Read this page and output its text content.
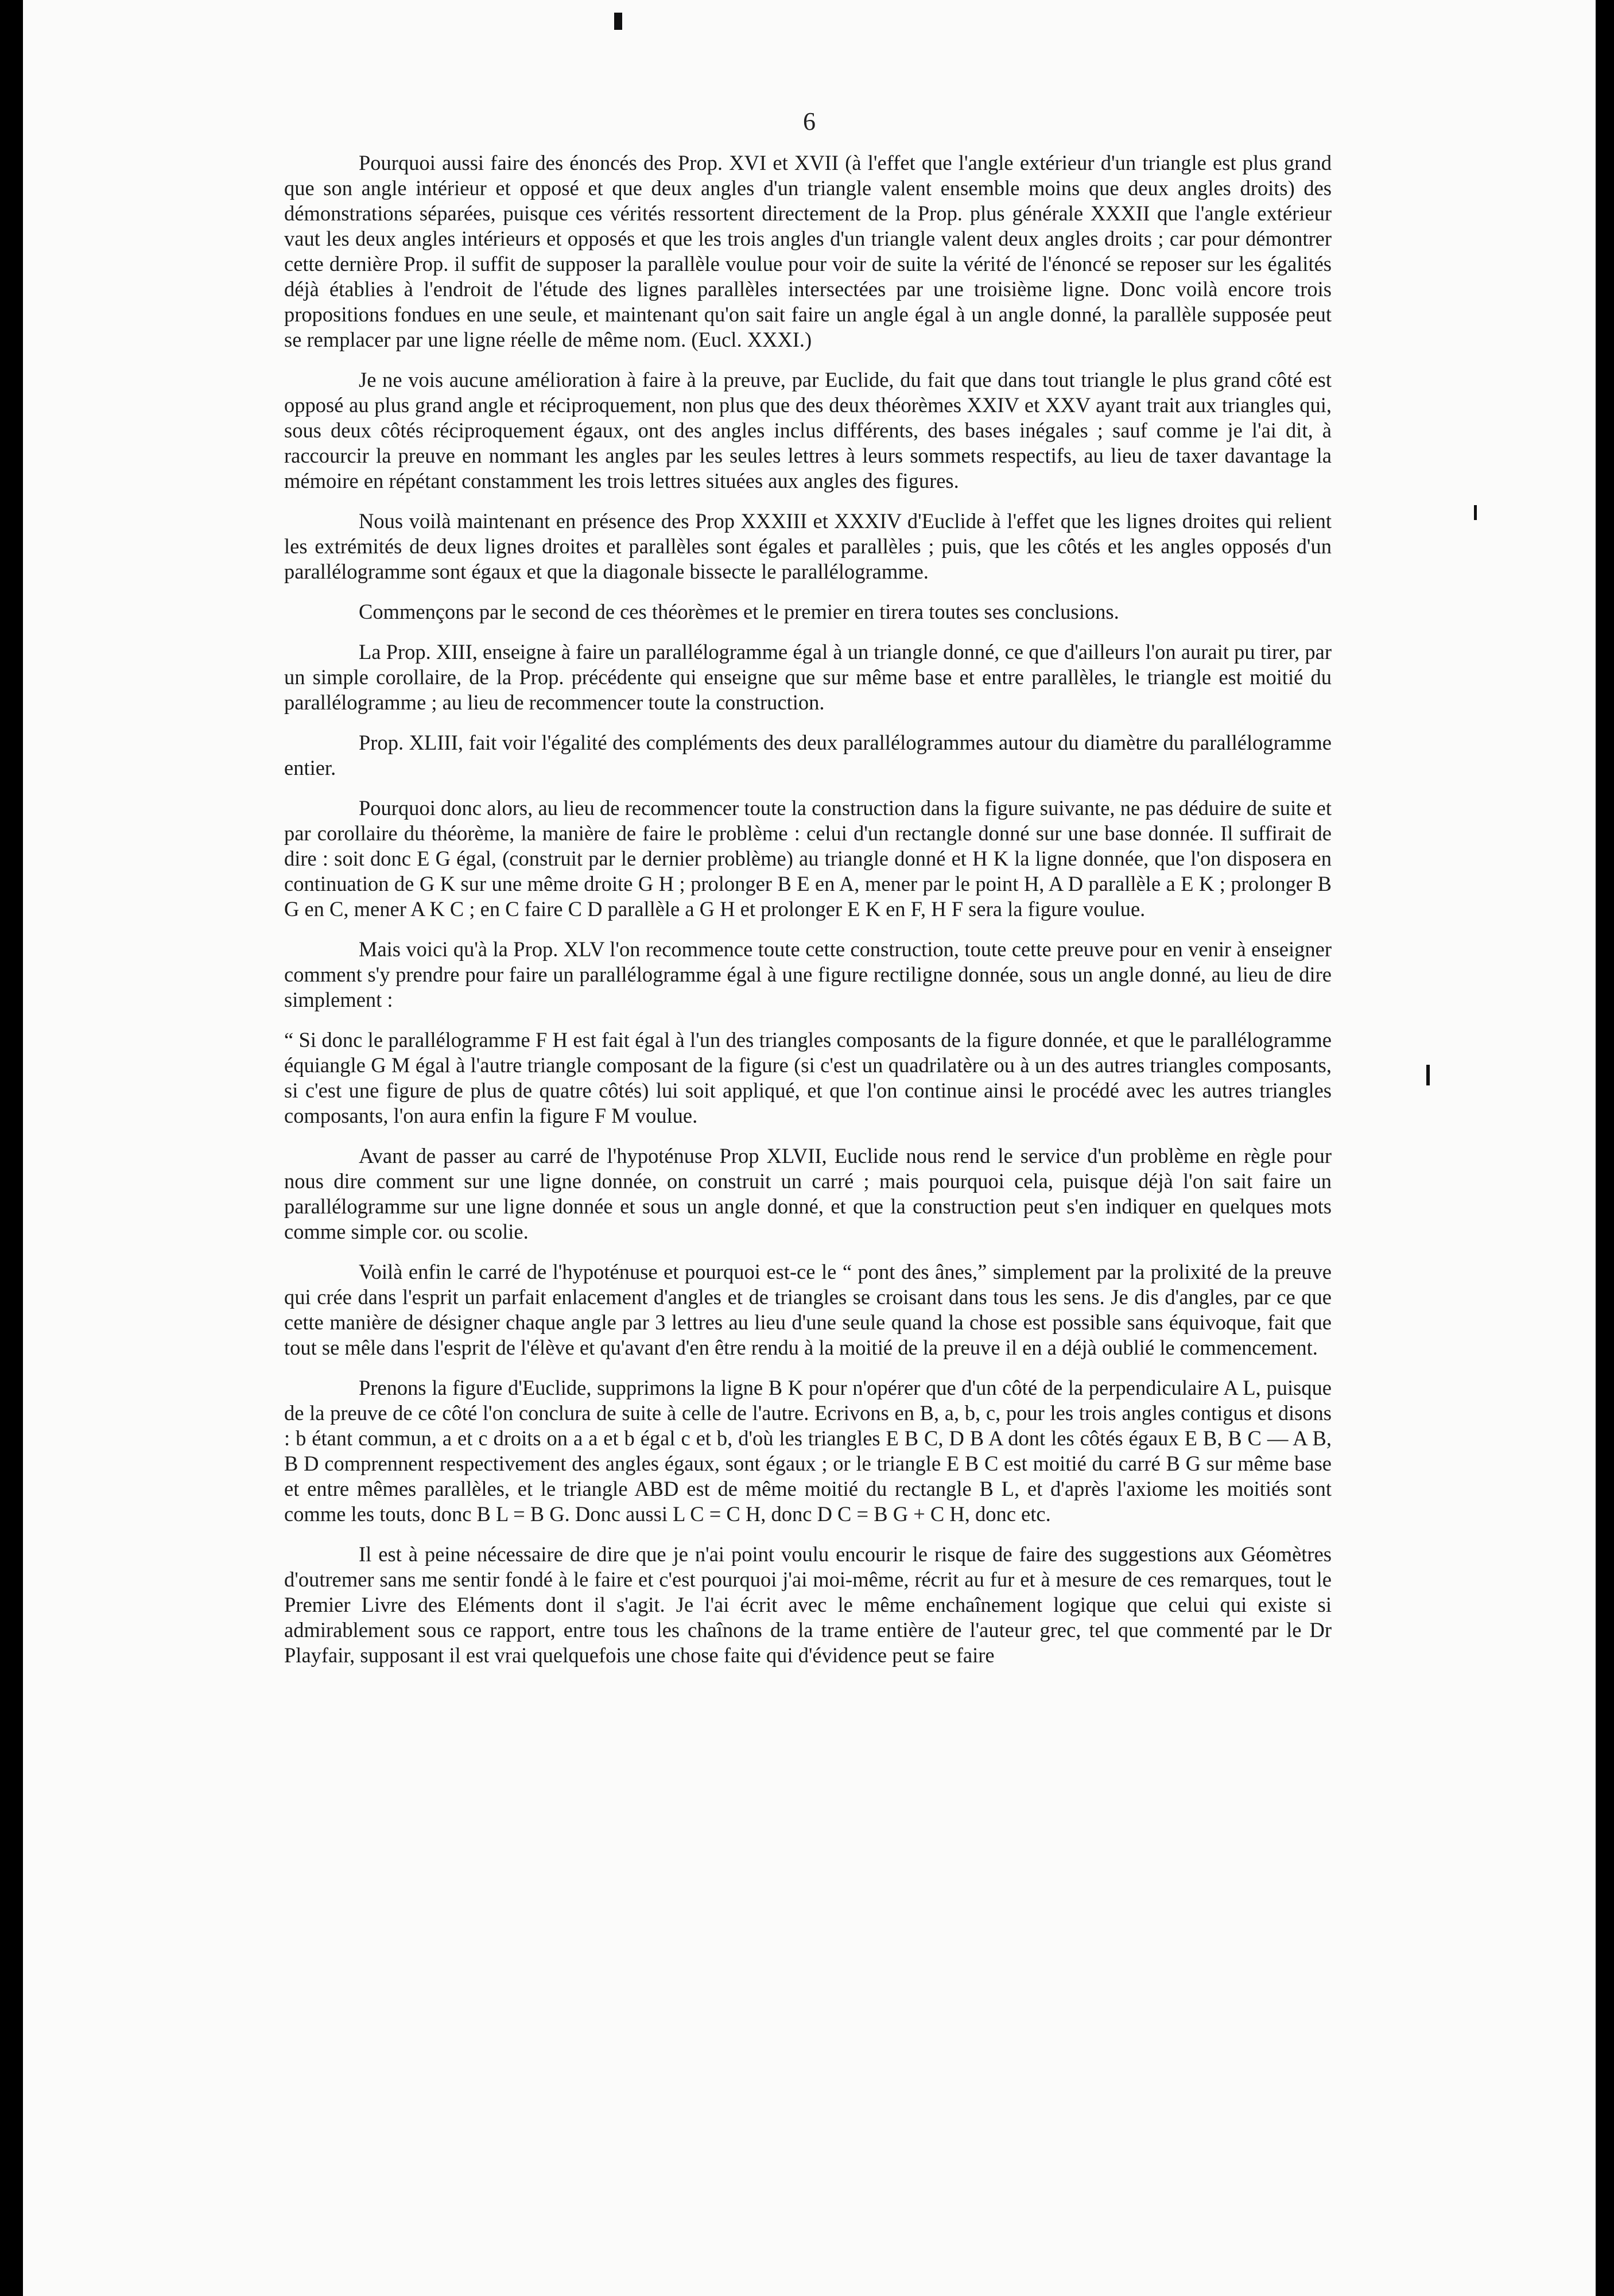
6

Pourquoi aussi faire des énoncés des Prop. XVI et XVII (à l'effet que l'angle extérieur d'un triangle est plus grand que son angle intérieur et opposé et que deux angles d'un triangle valent ensemble moins que deux angles droits) des démonstrations séparées, puisque ces vérités ressortent directement de la Prop. plus générale XXXII que l'angle extérieur vaut les deux angles intérieurs et opposés et que les trois angles d'un triangle valent deux angles droits ; car pour démontrer cette dernière Prop. il suffit de supposer la parallèle voulue pour voir de suite la vérité de l'énoncé se reposer sur les égalités déjà établies à l'endroit de l'étude des lignes parallèles intersectées par une troisième ligne. Donc voilà encore trois propositions fondues en une seule, et maintenant qu'on sait faire un angle égal à un angle donné, la parallèle supposée peut se remplacer par une ligne réelle de même nom. (Eucl. XXXI.)

Je ne vois aucune amélioration à faire à la preuve, par Euclide, du fait que dans tout triangle le plus grand côté est opposé au plus grand angle et réciproquement, non plus que des deux théorèmes XXIV et XXV ayant trait aux triangles qui, sous deux côtés réciproquement égaux, ont des angles inclus différents, des bases inégales ; sauf comme je l'ai dit, à raccourcir la preuve en nommant les angles par les seules lettres à leurs sommets respectifs, au lieu de taxer davantage la mémoire en répétant constamment les trois lettres situées aux angles des figures.

Nous voilà maintenant en présence des Prop XXXIII et XXXIV d'Euclide à l'effet que les lignes droites qui relient les extrémités de deux lignes droites et parallèles sont égales et parallèles ; puis, que les côtés et les angles opposés d'un parallélogramme sont égaux et que la diagonale bissecte le parallélogramme.

Commençons par le second de ces théorèmes et le premier en tirera toutes ses conclusions.

La Prop. XIII, enseigne à faire un parallélogramme égal à un triangle donné, ce que d'ailleurs l'on aurait pu tirer, par un simple corollaire, de la Prop. précédente qui enseigne que sur même base et entre parallèles, le triangle est moitié du parallélogramme ; au lieu de recommencer toute la construction.

Prop. XLIII, fait voir l'égalité des compléments des deux parallélogrammes autour du diamètre du parallélogramme entier.

Pourquoi donc alors, au lieu de recommencer toute la construction dans la figure suivante, ne pas déduire de suite et par corollaire du théorème, la manière de faire le problème : celui d'un rectangle donné sur une base donnée. Il suffirait de dire : soit donc E G égal, (construit par le dernier problème) au triangle donné et H K la ligne donnée, que l'on disposera en continuation de G K sur une même droite G H ; prolonger B E en A, mener par le point H, A D parallèle a E K ; prolonger B G en C, mener A K C ; en C faire C D parallèle a G H et prolonger E K en F, H F sera la figure voulue.

Mais voici qu'à la Prop. XLV l'on recommence toute cette construction, toute cette preuve pour en venir à enseigner comment s'y prendre pour faire un parallélogramme égal à une figure rectiligne donnée, sous un angle donné, au lieu de dire simplement :

“ Si donc le parallélogramme F H est fait égal à l'un des triangles composants de la figure donnée, et que le parallélogramme équiangle G M égal à l'autre triangle composant de la figure (si c'est un quadrilatère ou à un des autres triangles composants, si c'est une figure de plus de quatre côtés) lui soit appliqué, et que l'on continue ainsi le procédé avec les autres triangles composants, l'on aura enfin la figure F M voulue.

Avant de passer au carré de l'hypoténuse Prop XLVII, Euclide nous rend le service d'un problème en règle pour nous dire comment sur une ligne donnée, on construit un carré ; mais pourquoi cela, puisque déjà l'on sait faire un parallélogramme sur une ligne donnée et sous un angle donné, et que la construction peut s'en indiquer en quelques mots comme simple cor. ou scolie.

Voilà enfin le carré de l'hypoténuse et pourquoi est-ce le “ pont des ânes,” simplement par la prolixité de la preuve qui crée dans l'esprit un parfait enlacement d'angles et de triangles se croisant dans tous les sens. Je dis d'angles, par ce que cette manière de désigner chaque angle par 3 lettres au lieu d'une seule quand la chose est possible sans équivoque, fait que tout se mêle dans l'esprit de l'élève et qu'avant d'en être rendu à la moitié de la preuve il en a déjà oublié le commencement.

Prenons la figure d'Euclide, supprimons la ligne B K pour n'opérer que d'un côté de la perpendiculaire A L, puisque de la preuve de ce côté l'on conclura de suite à celle de l'autre. Ecrivons en B, a, b, c, pour les trois angles contigus et disons : b étant commun, a et c droits on a a et b égal c et b, d'où les triangles E B C, D B A dont les côtés égaux E B, B C — A B, B D comprennent respectivement des angles égaux, sont égaux ; or le triangle E B C est moitié du carré B G sur même base et entre mêmes parallèles, et le triangle ABD est de même moitié du rectangle B L, et d'après l'axiome les moitiés sont comme les touts, donc B L = B G. Donc aussi L C = C H, donc D C = B G + C H, donc etc.

Il est à peine nécessaire de dire que je n'ai point voulu encourir le risque de faire des suggestions aux Géomètres d'outremer sans me sentir fondé à le faire et c'est pourquoi j'ai moi-même, récrit au fur et à mesure de ces remarques, tout le Premier Livre des Eléments dont il s'agit. Je l'ai écrit avec le même enchaînement logique que celui qui existe si admirablement sous ce rapport, entre tous les chaînons de la trame entière de l'auteur grec, tel que commenté par le Dr Playfair, supposant il est vrai quelquefois une chose faite qui d'évidence peut se faire
